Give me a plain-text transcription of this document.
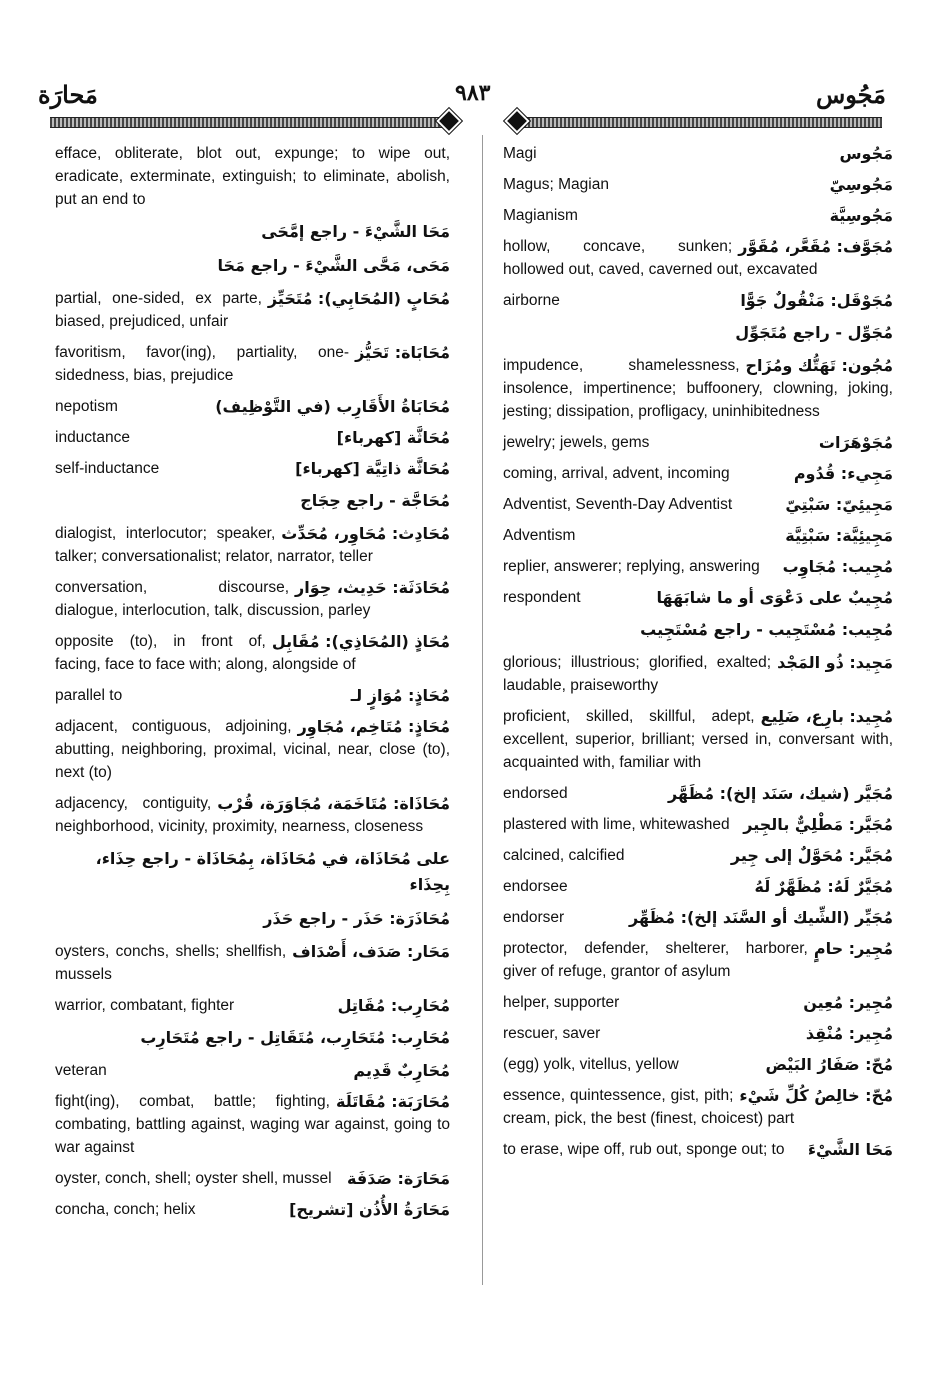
مَحارَة	٩٨٣	مَجُوس
efface, obliterate, blot out, expunge; to wipe out, eradicate, exterminate, extinguish; to eliminate, abolish, put an end to
مَحَا الشَّيْءَ - راجع إمَّحَى
مَحَى، مَحَّى الشَّيْءَ - راجع مَحَا
مُحَابٍ (المُحَابِي): مُتَحَيِّز
partial, one-sided, ex parte, biased, prejudiced, unfair
مُحَابَاة: تَحَيُّز
favoritism, favor(ing), partiality, one-sidedness, bias, prejudice
مُحَابَاةُ الأَقَارِب (في التَّوْظِيف)
nepotism
مُحَاثَّة [كهرباء]
inductance
مُحَاثَّة ذاتِيَّة [كهرباء]
self-inductance
مُحَاجَّة - راجع حِجَاج
مُحَادِث: مُحَاوِر، مُحَدِّث
dialogist, interlocutor; speaker, talker; conversationalist; relator, narrator, teller
مُحَادَثَة: حَدِيث، حِوَار
conversation, discourse, dialogue, interlocution, talk, discussion, parley
مُحَاذٍ (المُحَاذِي): مُقَابِل
opposite (to), in front of, facing, face to face with; along, alongside of
مُحَاذٍ: مُوَازٍ لـ
parallel to
مُحَاذٍ: مُتَاخِم، مُجَاوِر
adjacent, contiguous, adjoining, abutting, neighboring, proximal, vicinal, near, close (to), next (to)
مُحَاذَاة: مُتَاخَمَة، مُجَاوَرَة، قُرْب
adjacency, contiguity, neighborhood, vicinity, proximity, nearness, closeness
على مُحَاذَاة، في مُحَاذَاة، بِمُحَاذَاة - راجع حِذَاء، بِحِذَاء
مُحَاذَرَة: حَذَر - راجع حَذَر
مَحَار: صَدَف، أَصْدَاف
oysters, conchs, shells; shellfish, mussels
مُحَارِب: مُقَاتِل
warrior, combatant, fighter
مُحَارِب: مُتَحَارِب، مُتَقَاتِل - راجع مُتَحَارِب
مُحَارِبٌ قَدِيم
veteran
مُحَارَبَة: مُقَاتَلَة
fight(ing), combat, battle; fighting, combating, battling against, waging war against, going to war against
مَحَارَة: صَدَفَة
oyster, conch, shell; oyster shell, mussel
مَحَارَةُ الأُذُن [تشريح]
concha, conch; helix
مَجُوس
Magi
مَجُوسِيّ
Magus; Magian
مَجُوسِيَّة
Magianism
مُجَوَّف: مُقَعَّر، مُقَوَّر
hollow, concave, sunken; hollowed out, caved, caverned out, excavated
مُجَوْقَل: مَنْقُولٌ جَوًّا
airborne
مُجَوِّل - راجع مُتَجَوِّل
مُجُون: تَهَتُّك ومُزَاح
impudence, shamelessness, insolence, impertinence; buffoonery, clowning, joking, jesting; dissipation, profligacy, uninhibitedness
مُجَوْهَرَات
jewelry; jewels, gems
مَجِيء: قُدُوم
coming, arrival, advent, incoming
مَجِيئِيّ: سَبْتِيّ
Adventist, Seventh-Day Adventist
مَجِيئِيَّة: سَبْتِيَّة
Adventism
مُجِيب: مُجَاوِب
replier, answerer; replying, answering
مُجِيبٌ على دَعْوَى أو ما شابَهَهَا
respondent
مُجِيب: مُسْتَجِيب - راجع مُسْتَجِيب
مَجِيد: ذُو المَجْد
glorious; illustrious; glorified, exalted; laudable, praiseworthy
مُجِيد: بارِع، ضَلِيع
proficient, skilled, skillful, adept, excellent, superior, brilliant; versed in, conversant with, acquainted with, familiar with
مُجَيَّر (شيك، سَنَد إلخ): مُظَهَّر
endorsed
مُجَيَّر: مَطْلِيٌّ بالجِير
plastered with lime, whitewashed
مُجَيَّر: مُحَوَّلٌ إلى جِير
calcined, calcified
مُجَيَّرٌ لَهُ: مُظَهَّرٌ لَهُ
endorsee
مُجَيِّر (الشِّيك أو السَّنَد إلخ): مُظَهِّر
endorser
مُجِير: حامٍ
protector, defender, shelterer, harborer, giver of refuge, grantor of asylum
مُجِير: مُعِين
helper, supporter
مُجِير: مُنْقِذ
rescuer, saver
مُحّ: صَفَارُ البَيْض
(egg) yolk, vitellus, yellow
مُحّ: خالِصُ كُلِّ شَيْء
essence, quintessence, gist, pith; cream, pick, the best (finest, choicest) part
مَحَا الشَّيْءَ
to erase, wipe off, rub out, sponge out; to
